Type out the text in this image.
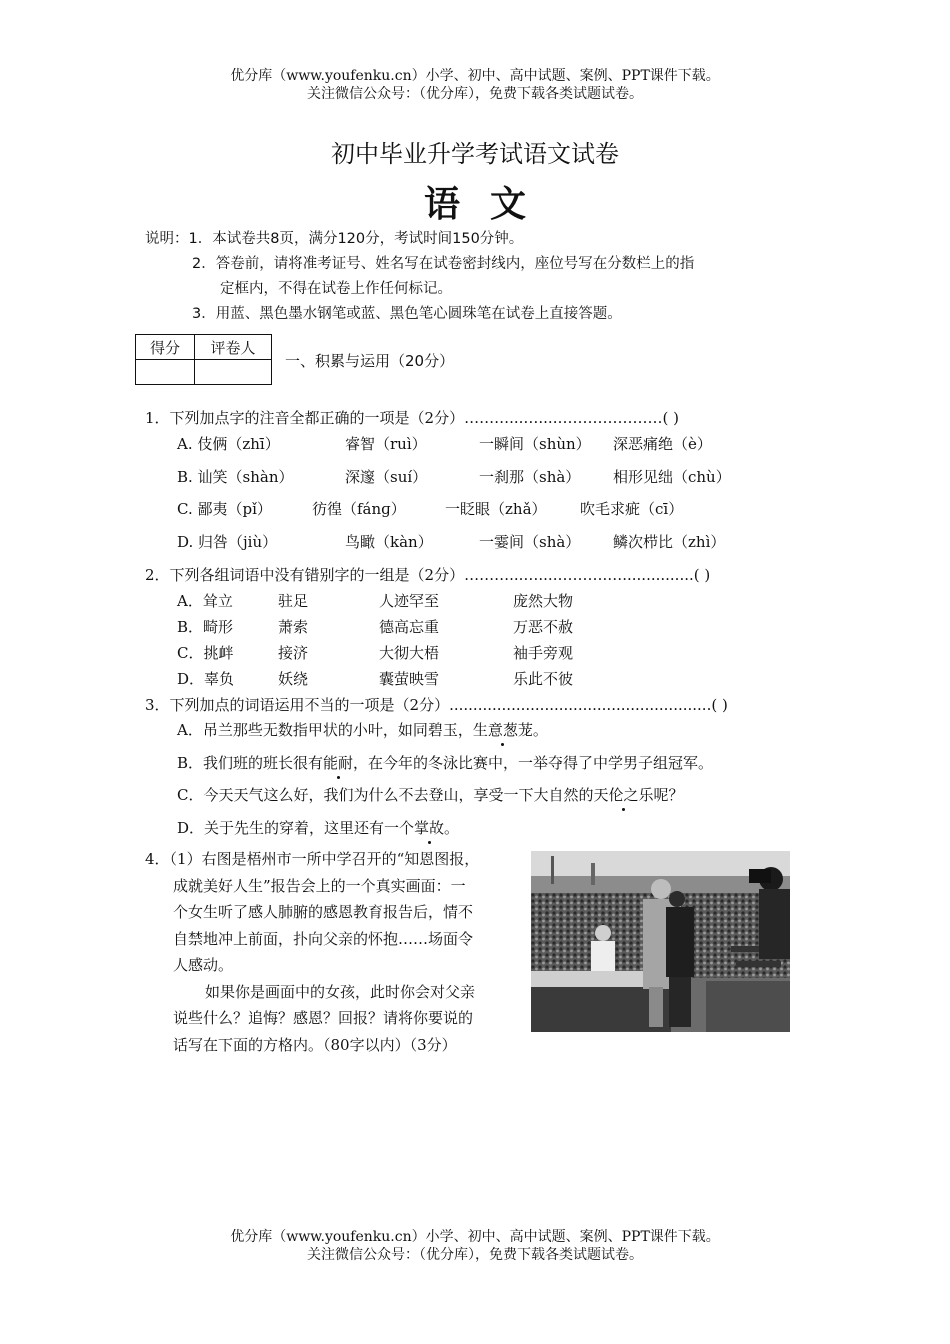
优分库（www.youfenku.cn）小学、初中、高中试题、案例、PPT课件下载。
关注微信公众号：（优分库），免费下载各类试题试卷。
初中毕业升学考试语文试卷
语文
说明：1．本试卷共8页，满分120分，考试时间150分钟。
2．答卷前，请将准考证号、姓名写在试卷密封线内，座位号写在分数栏上的指
定框内，不得在试卷上作任何标记。
3．用蓝、黑色墨水钢笔或蓝、黑色笔心圆珠笔在试卷上直接答题。
得分	评卷人

一、积累与运用（20分）
1．下列加点字的注音全都正确的一项是（2分）………...…....…………………( )
A. 伎俩（zhī）	睿智（ruì）	一瞬间（shùn） 深恶痛绝（è）
B. 讪笑（shàn）	深邃（suí）	一刹那（shà） 相形见绌（chù）
C. 鄙夷（pǐ）	彷徨（fánɡ）	一眨眼（zhǎ） 吹毛求疵（cī）
D. 归咎（jiù）	鸟瞰（kàn）	一霎间（shà） 鳞次栉比（zhì）
2．下列各组词语中没有错别字的一组是（2分）………...…....……….…...............( )
A．耸立	驻足	人迹罕至	庞然大物
B．畸形	萧索	德高忘重	万恶不赦
C．挑衅	接济	大彻大梧	袖手旁观
D．辜负	妖绕	囊萤映雪	乐此不彼
3．下列加点的词语运用不当的一项是（2分）.......................................................( )
A．吊兰那些无数指甲状的小叶，如同碧玉，生意葱茏。
B．我们班的班长很有能耐，在今年的冬泳比赛中，一举夺得了中学男子组冠军。
C．今天天气这么好，我们为什么不去登山，享受一下大自然的天伦之乐呢？
D．关于先生的穿着，这里还有一个掌故。
4．（1）右图是梧州市一所中学召开的“知恩图报，
成就美好人生”报告会上的一个真实画面：一
个女生听了感人肺腑的感恩教育报告后，情不
自禁地冲上前面，扑向父亲的怀抱……场面令
人感动。
如果你是画面中的女孩，此时你会对父亲
说些什么？追悔？感恩？回报？请将你要说的
话写在下面的方格内。（80字以内）（3分）
优分库（www.youfenku.cn）小学、初中、高中试题、案例、PPT课件下载。
关注微信公众号：（优分库），免费下载各类试题试卷。
